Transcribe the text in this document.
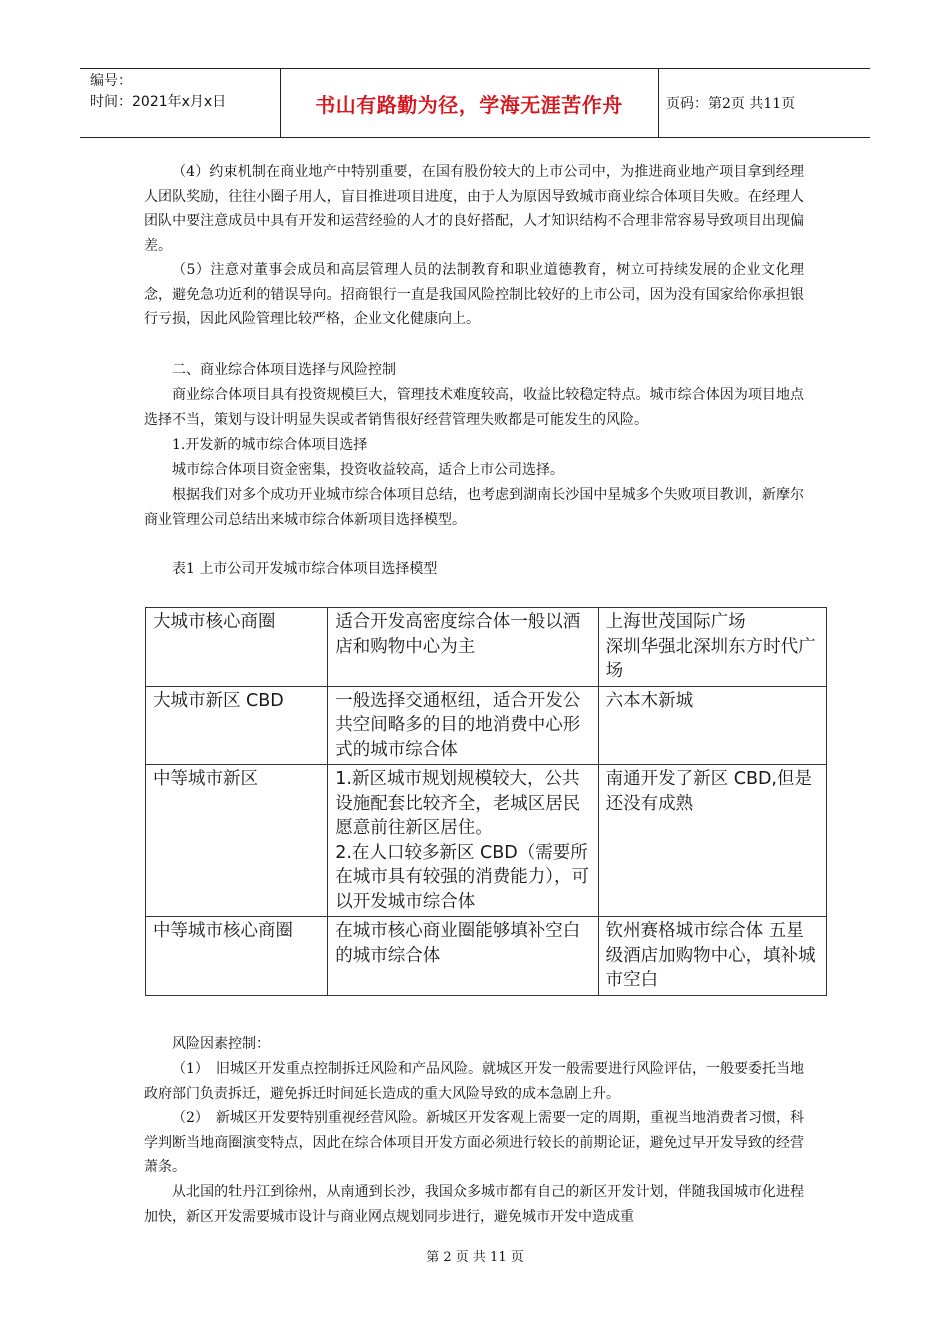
编号：
时间：2021年x月x日	书山有路勤为径，学海无涯苦作舟	页码：第2页 共11页
（4）约束机制在商业地产中特别重要，在国有股份较大的上市公司中，为推进商业地产项目拿到经理人团队奖励，往往小圈子用人，盲目推进项目进度，由于人为原因导致城市商业综合体项目失败。在经理人团队中要注意成员中具有开发和运营经验的人才的良好搭配，人才知识结构不合理非常容易导致项目出现偏差。
（5）注意对董事会成员和高层管理人员的法制教育和职业道德教育，树立可持续发展的企业文化理念，避免急功近利的错误导向。招商银行一直是我国风险控制比较好的上市公司，因为没有国家给你承担银行亏损，因此风险管理比较严格，企业文化健康向上。
二、商业综合体项目选择与风险控制
商业综合体项目具有投资规模巨大，管理技术难度较高，收益比较稳定特点。城市综合体因为项目地点选择不当，策划与设计明显失误或者销售很好经营管理失败都是可能发生的风险。
1.开发新的城市综合体项目选择
城市综合体项目资金密集，投资收益较高，适合上市公司选择。
根据我们对多个成功开业城市综合体项目总结，也考虑到湖南长沙国中星城多个失败项目教训，新摩尔商业管理公司总结出来城市综合体新项目选择模型。
表1 上市公司开发城市综合体项目选择模型
大城市核心商圈	适合开发高密度综合体一般以酒店和购物中心为主	上海世茂国际广场
深圳华强北深圳东方时代广场

大城市新区 CBD	一般选择交通枢纽，适合开发公共空间略多的目的地消费中心形式的城市综合体	六本木新城

中等城市新区	1.新区城市规划规模较大，公共设施配套比较齐全，老城区居民愿意前往新区居住。
2.在人口较多新区 CBD（需要所在城市具有较强的消费能力），可以开发城市综合体	南通开发了新区 CBD,但是还没有成熟

中等城市核心商圈	在城市核心商业圈能够填补空白的城市综合体	钦州赛格城市综合体 五星级酒店加购物中心，填补城市空白
风险因素控制：
（1）　旧城区开发重点控制拆迁风险和产品风险。就城区开发一般需要进行风险评估，一般要委托当地政府部门负责拆迁，避免拆迁时间延长造成的重大风险导致的成本急剧上升。
（2）　新城区开发要特别重视经营风险。新城区开发客观上需要一定的周期，重视当地消费者习惯，科学判断当地商圈演变特点，因此在综合体项目开发方面必须进行较长的前期论证，避免过早开发导致的经营萧条。
从北国的牡丹江到徐州，从南通到长沙，我国众多城市都有自己的新区开发计划，伴随我国城市化进程加快，新区开发需要城市设计与商业网点规划同步进行，避免城市开发中造成重
第 2 页 共 11 页
